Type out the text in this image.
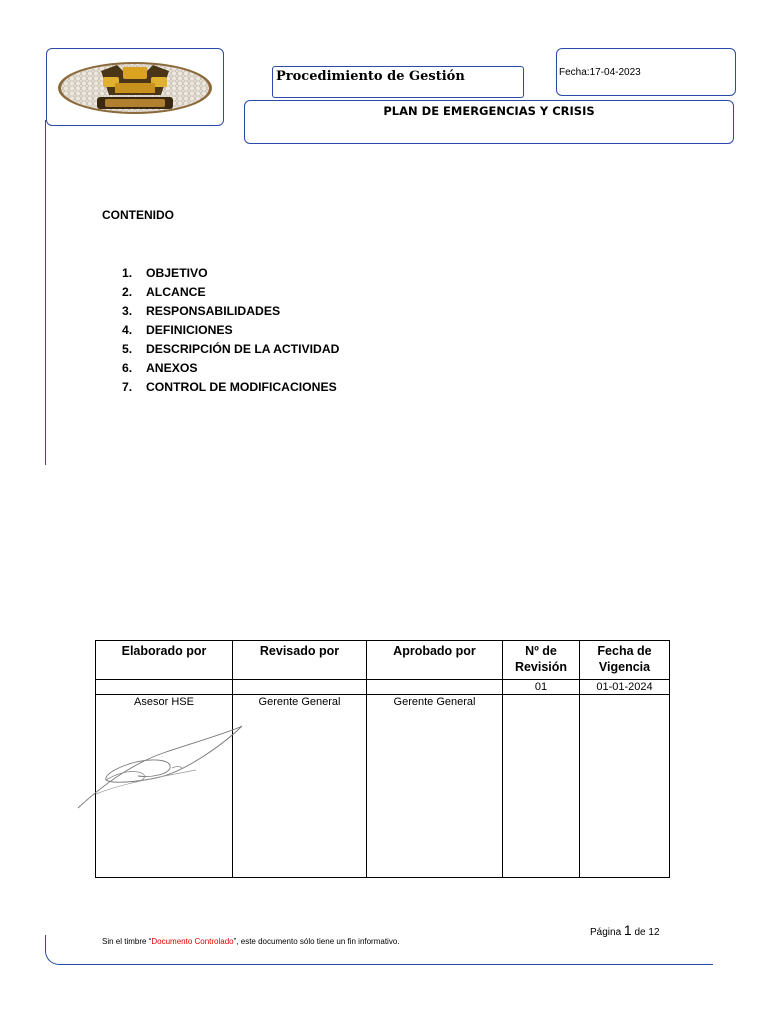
Procedimiento de Gestión	Fecha:17-04-2023
PLAN DE EMERGENCIAS Y CRISIS
CONTENIDO
1. OBJETIVO
2. ALCANCE
3. RESPONSABILIDADES
4. DEFINICIONES
5. DESCRIPCIÓN DE LA ACTIVIDAD
6. ANEXOS
7. CONTROL DE MODIFICACIONES
Elaborado por	Revisado por	Aprobado por	Nº de Revisión	Fecha de Vigencia
			01	01-01-2024
Asesor HSE	Gerente General	Gerente General		
Página 1 de 12
Sin el timbre “Documento Controlado”, este documento sólo tiene un fin informativo.
